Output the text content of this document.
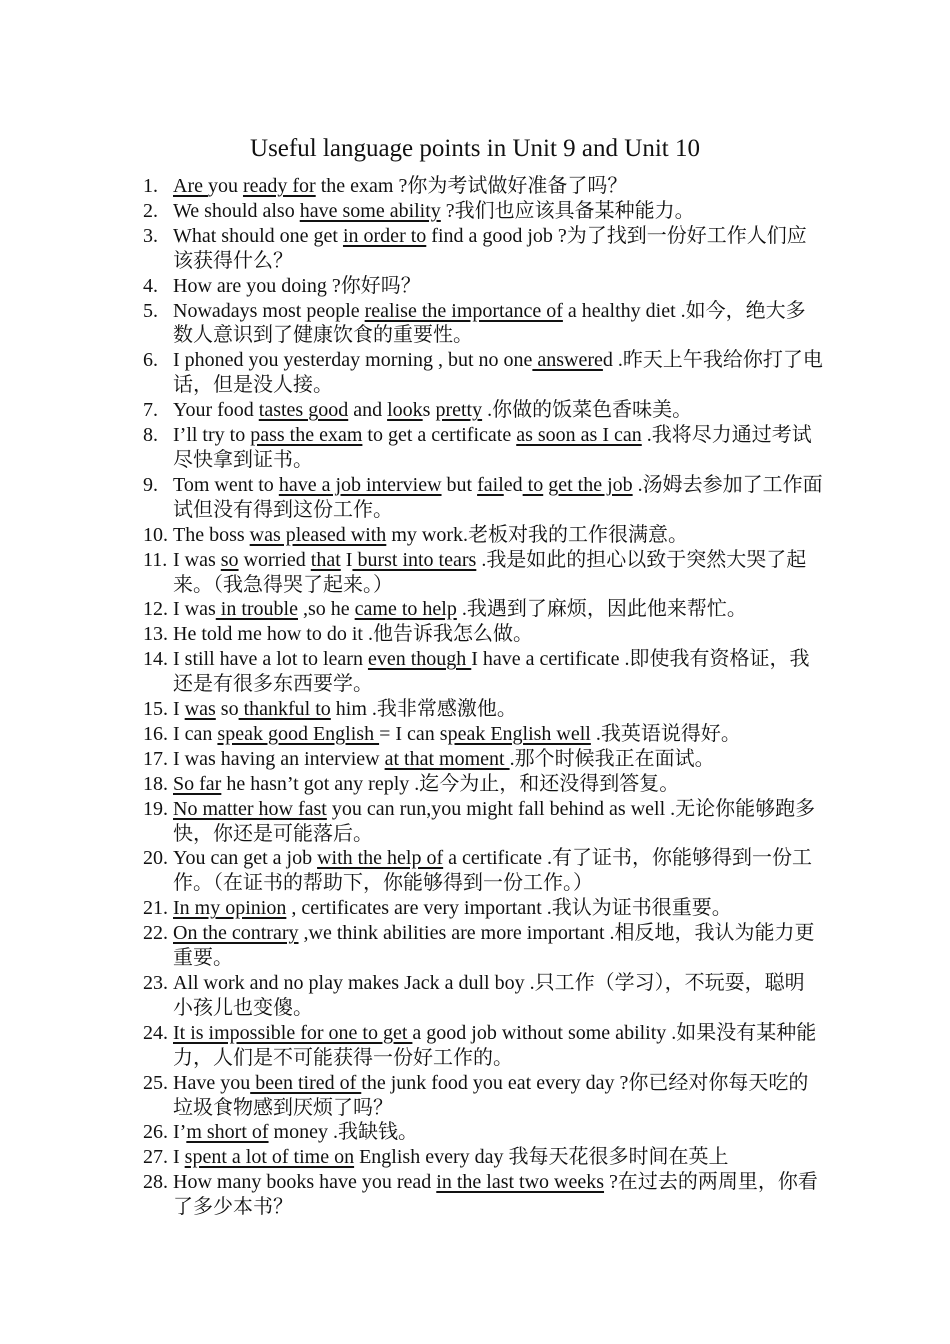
Useful language points in Unit 9 and Unit 10
1. Are you ready for the exam ?你为考试做好准备了吗？
2. We should also have some ability ?我们也应该具备某种能力。
3. What should one get in order to find a good job ?为了找到一份好工作人们应该获得什么？
4. How are you doing ?你好吗？
5. Nowadays most people realise the importance of a healthy diet .如今，绝大多数人意识到了健康饮食的重要性。
6. I phoned you yesterday morning , but no one answered .昨天上午我给你打了电话，但是没人接。
7. Your food tastes good and looks pretty .你做的饭菜色香味美。
8. I’ll try to pass the exam to get a certificate as soon as I can .我将尽力通过考试尽快拿到证书。
9. Tom went to have a job interview but failed to get the job .汤姆去参加了工作面试但没有得到这份工作。
10. The boss was pleased with my work.老板对我的工作很满意。
11. I was so worried that I burst into tears .我是如此的担心以致于突然大哭了起来。（我急得哭了起来。）
12. I was in trouble ,so he came to help .我遇到了麻烦，因此他来帮忙。
13. He told me how to do it .他告诉我怎么做。
14. I still have a lot to learn even though I have a certificate .即使我有资格证，我还是有很多东西要学。
15. I was so thankful to him .我非常感激他。
16. I can speak good English = I can speak English well .我英语说得好。
17. I was having an interview at that moment .那个时候我正在面试。
18. So far he hasn’t got any reply .迄今为止，和还没得到答复。
19. No matter how fast you can run,you might fall behind as well .无论你能够跑多快，你还是可能落后。
20. You can get a job with the help of a certificate .有了证书，你能够得到一份工作。（在证书的帮助下，你能够得到一份工作。）
21. In my opinion , certificates are very important .我认为证书很重要。
22. On the contrary ,we think abilities are more important .相反地，我认为能力更重要。
23. All work and no play makes Jack a dull boy .只工作（学习），不玩耍，聪明小孩儿也变傻。
24. It is impossible for one to get a good job without some ability .如果没有某种能力，人们是不可能获得一份好工作的。
25. Have you been tired of the junk food you eat every day ?你已经对你每天吃的垃圾食物感到厌烦了吗？
26. I’m short of money .我缺钱。
27. I spent a lot of time on English every day 我每天花很多时间在英上
28. How many books have you read in the last two weeks ?在过去的两周里，你看了多少本书？
